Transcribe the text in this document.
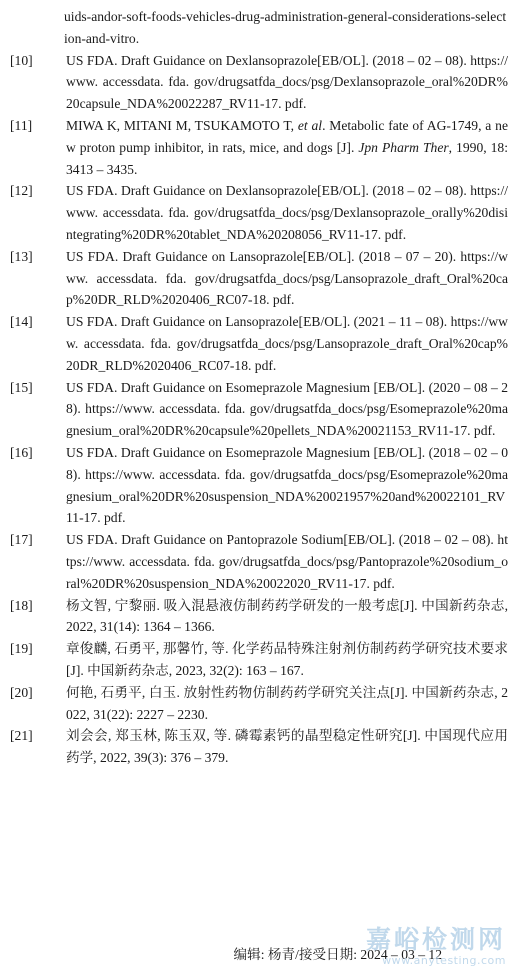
uids-andor-soft-foods-vehicles-drug-administration-general-considerations-selection-and-vitro.
[10]	US FDA. Draft Guidance on Dexlansoprazole[EB/OL]. (2018 – 02 – 08). https://www. accessdata. fda. gov/drugsatfda_docs/psg/Dexlansoprazole_oral%20DR%20capsule_NDA%20022287_RV11-17. pdf.
[11]	MIWA K, MITANI M, TSUKAMOTO T, et al. Metabolic fate of AG-1749, a new proton pump inhibitor, in rats, mice, and dogs [J]. Jpn Pharm Ther, 1990, 18: 3413 – 3435.
[12]	US FDA. Draft Guidance on Dexlansoprazole[EB/OL]. (2018 – 02 – 08). https://www. accessdata. fda. gov/drugsatfda_docs/psg/Dexlansoprazole_orally%20disintegrating%20DR%20tablet_NDA%20208056_RV11-17. pdf.
[13]	US FDA. Draft Guidance on Lansoprazole[EB/OL]. (2018 – 07 – 20). https://www. accessdata. fda. gov/drugsatfda_docs/psg/Lansoprazole_draft_Oral%20cap%20DR_RLD%2020406_RC07-18. pdf.
[14]	US FDA. Draft Guidance on Lansoprazole[EB/OL]. (2021 – 11 – 08). https://www. accessdata. fda. gov/drugsatfda_docs/psg/Lansoprazole_draft_Oral%20cap%20DR_RLD%2020406_RC07-18. pdf.
[15]	US FDA. Draft Guidance on Esomeprazole Magnesium [EB/OL]. (2020 – 08 – 28). https://www. accessdata. fda. gov/drugsatfda_docs/psg/Esomeprazole%20magnesium_oral%20DR%20capsule%20pellets_NDA%20021153_RV11-17. pdf.
[16]	US FDA. Draft Guidance on Esomeprazole Magnesium [EB/OL]. (2018 – 02 – 08). https://www. accessdata. fda. gov/drugsatfda_docs/psg/Esomeprazole%20magnesium_oral%20DR%20suspension_NDA%20021957%20and%20022101_RV11-17. pdf.
[17]	US FDA. Draft Guidance on Pantoprazole Sodium[EB/OL]. (2018 – 02 – 08). https://www. accessdata. fda. gov/drugsatfda_docs/psg/Pantoprazole%20sodium_oral%20DR%20suspension_NDA%20022020_RV11-17. pdf.
[18]	杨文智, 宁黎丽. 吸入混悬液仿制药药学研发的一般考虑[J]. 中国新药杂志, 2022, 31(14): 1364 – 1366.
[19]	章俊麟, 石勇平, 那馨竹, 等. 化学药品特殊注射剂仿制药药学研究技术要求[J]. 中国新药杂志, 2023, 32(2): 163 – 167.
[20]	何艳, 石勇平, 白玉. 放射性药物仿制药药学研究关注点[J]. 中国新药杂志, 2022, 31(22): 2227 – 2230.
[21]	刘会会, 郑玉林, 陈玉双, 等. 磷霉素钙的晶型稳定性研究[J]. 中国现代应用药学, 2022, 39(3): 376 – 379.
编辑: 杨青/接受日期: 2024 – 03 – 12
嘉峪检测网
www.anytesting.com
